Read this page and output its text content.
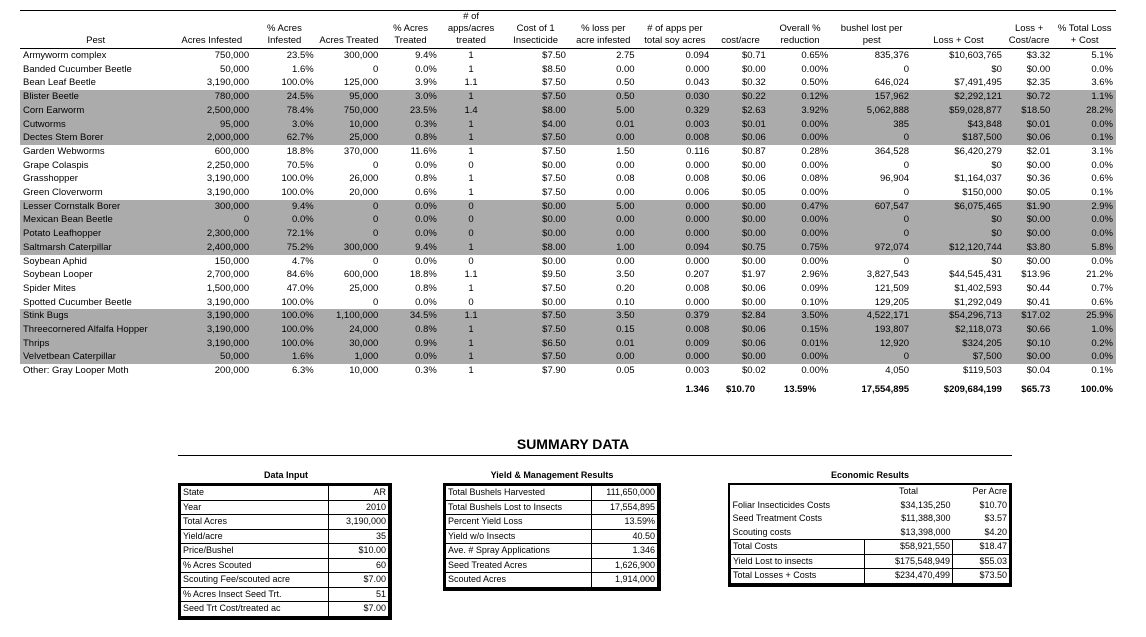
Pest	Acres Infested	% Acres Infested	Acres Treated	% Acres Treated	# of apps/acres treated	Cost of 1 Insecticide	% loss per acre infested	# of apps per total soy acres	cost/acre	Overall % reduction	bushel lost per pest	Loss + Cost	Loss + Cost/acre	% Total Loss + Cost
Armyworm complex	750,000	23.5%	300,000	9.4%	1	$7.50	2.75	0.094	$0.71	0.65%	835,376	$10,603,765	$3.32	5.1%
Banded Cucumber Beetle	50,000	1.6%	0	0.0%	1	$8.50	0.00	0.000	$0.00	0.00%	0	$0	$0.00	0.0%
Bean Leaf Beetle	3,190,000	100.0%	125,000	3.9%	1.1	$7.50	0.50	0.043	$0.32	0.50%	646,024	$7,491,495	$2.35	3.6%
Blister Beetle	780,000	24.5%	95,000	3.0%	1	$7.50	0.50	0.030	$0.22	0.12%	157,962	$2,292,121	$0.72	1.1%
Corn Earworm	2,500,000	78.4%	750,000	23.5%	1.4	$8.00	5.00	0.329	$2.63	3.92%	5,062,888	$59,028,877	$18.50	28.2%
Cutworms	95,000	3.0%	10,000	0.3%	1	$4.00	0.01	0.003	$0.01	0.00%	385	$43,848	$0.01	0.0%
Dectes Stem Borer	2,000,000	62.7%	25,000	0.8%	1	$7.50	0.00	0.008	$0.06	0.00%	0	$187,500	$0.06	0.1%
Garden Webworms	600,000	18.8%	370,000	11.6%	1	$7.50	1.50	0.116	$0.87	0.28%	364,528	$6,420,279	$2.01	3.1%
Grape Colaspis	2,250,000	70.5%	0	0.0%	0	$0.00	0.00	0.000	$0.00	0.00%	0	$0	$0.00	0.0%
Grasshopper	3,190,000	100.0%	26,000	0.8%	1	$7.50	0.08	0.008	$0.06	0.08%	96,904	$1,164,037	$0.36	0.6%
Green Cloverworm	3,190,000	100.0%	20,000	0.6%	1	$7.50	0.00	0.006	$0.05	0.00%	0	$150,000	$0.05	0.1%
Lesser Cornstalk Borer	300,000	9.4%	0	0.0%	0	$0.00	5.00	0.000	$0.00	0.47%	607,547	$6,075,465	$1.90	2.9%
Mexican Bean Beetle	0	0.0%	0	0.0%	0	$0.00	0.00	0.000	$0.00	0.00%	0	$0	$0.00	0.0%
Potato Leafhopper	2,300,000	72.1%	0	0.0%	0	$0.00	0.00	0.000	$0.00	0.00%	0	$0	$0.00	0.0%
Saltmarsh Caterpillar	2,400,000	75.2%	300,000	9.4%	1	$8.00	1.00	0.094	$0.75	0.75%	972,074	$12,120,744	$3.80	5.8%
Soybean Aphid	150,000	4.7%	0	0.0%	0	$0.00	0.00	0.000	$0.00	0.00%	0	$0	$0.00	0.0%
Soybean Looper	2,700,000	84.6%	600,000	18.8%	1.1	$9.50	3.50	0.207	$1.97	2.96%	3,827,543	$44,545,431	$13.96	21.2%
Spider Mites	1,500,000	47.0%	25,000	0.8%	1	$7.50	0.20	0.008	$0.06	0.09%	121,509	$1,402,593	$0.44	0.7%
Spotted Cucumber Beetle	3,190,000	100.0%	0	0.0%	0	$0.00	0.10	0.000	$0.00	0.10%	129,205	$1,292,049	$0.41	0.6%
Stink Bugs	3,190,000	100.0%	1,100,000	34.5%	1.1	$7.50	3.50	0.379	$2.84	3.50%	4,522,171	$54,296,713	$17.02	25.9%
Threecornered Alfalfa Hopper	3,190,000	100.0%	24,000	0.8%	1	$7.50	0.15	0.008	$0.06	0.15%	193,807	$2,118,073	$0.66	1.0%
Thrips	3,190,000	100.0%	30,000	0.9%	1	$6.50	0.01	0.009	$0.06	0.01%	12,920	$324,205	$0.10	0.2%
Velvetbean Caterpillar	50,000	1.6%	1,000	0.0%	1	$7.50	0.00	0.000	$0.00	0.00%	0	$7,500	$0.00	0.0%
Other: Gray Looper Moth	200,000	6.3%	10,000	0.3%	1	$7.90	0.05	0.003	$0.02	0.00%	4,050	$119,503	$0.04	0.1%
								1.346	$10.70	13.59%	17,554,895	$209,684,199	$65.73	100.0%
SUMMARY DATA
Data Input
State	AR
Year	2010
Total Acres	3,190,000
Yield/acre	35
Price/Bushel	$10.00
% Acres Scouted	60
Scouting Fee/scouted acre	$7.00
% Acres Insect Seed Trt.	51
Seed Trt Cost/treated ac	$7.00
Yield & Management Results
Total Bushels Harvested	111,650,000
Total Bushels Lost to Insects	17,554,895
Percent Yield Loss	13.59%
Yield w/o Insects	40.50
Ave. # Spray Applications	1.346
Seed Treated Acres	1,626,900
Scouted Acres	1,914,000
Economic Results
	Total	Per Acre
Foliar Insecticides Costs	$34,135,250	$10.70
Seed Treatment Costs	$11,388,300	$3.57
Scouting costs	$13,398,000	$4.20
Total Costs	$58,921,550	$18.47
Yield Lost to insects	$175,548,949	$55.03
Total Losses + Costs	$234,470,499	$73.50
